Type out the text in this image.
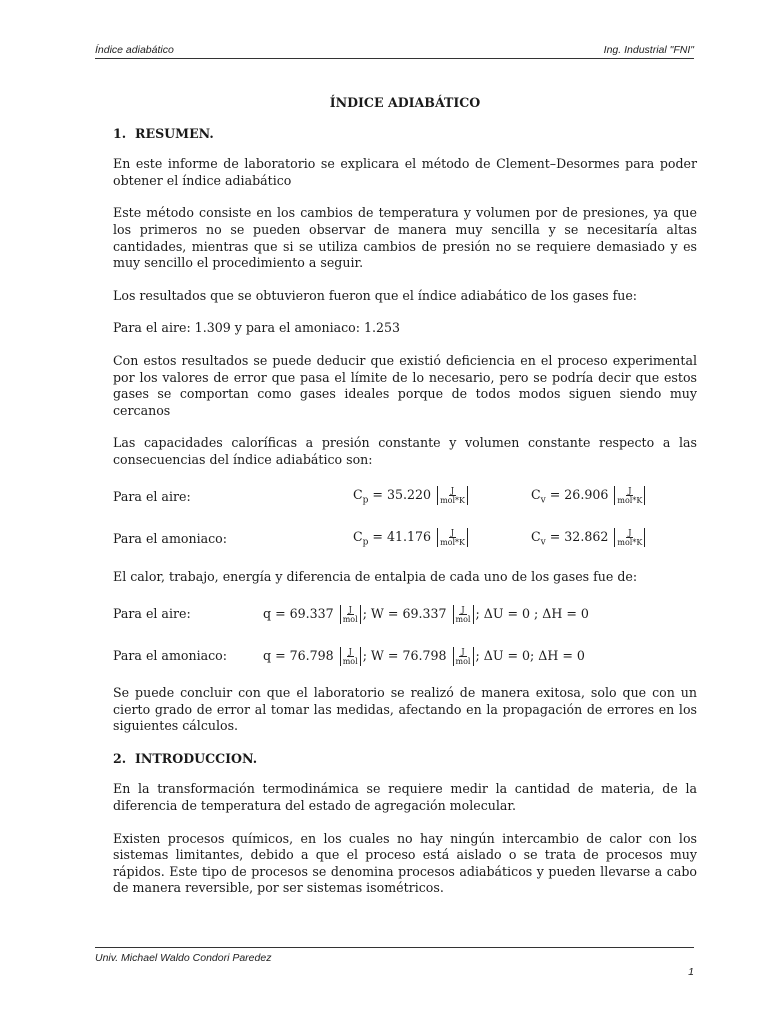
Índice adiabático	Ing. Industrial "FNI"
ÍNDICE ADIABÁTICO
1. RESUMEN.

En este informe de laboratorio se explicara el método de Clement–Desormes para poder obtener el índice adiabático

Este método consiste en los cambios de temperatura y volumen por de presiones, ya que los primeros no se pueden observar de manera muy sencilla y se necesitaría altas cantidades, mientras que si se utiliza cambios de presión no se requiere demasiado y es muy sencillo el procedimiento a seguir.

Los resultados que se obtuvieron fueron que el índice adiabático de los gases fue:

Para el aire: 1.309 y para el amoniaco: 1.253

Con estos resultados se puede deducir que existió deficiencia en el proceso experimental por los valores de error que pasa el límite de lo necesario, pero se podría decir que estos gases se comportan como gases ideales porque de todos modos siguen siendo muy cercanos

Las capacidades caloríficas a presión constante y volumen constante respecto a las consecuencias del índice adiabático son:

Para el aire:	$C_p = 35.220 \frac{J}{\text{mol*K}}$	$C_v = 26.906 \frac{J}{\text{mol*K}}$
Para el amoniaco:	$C_p = 41.176 \frac{J}{\text{mol*K}}$	$C_v = 32.862 \frac{J}{\text{mol*K}}$

El calor, trabajo, energía y diferencia de entalpia de cada uno de los gases fue de:

Para el aire:	$q = 69.337 \frac{J}{\text{mol}}$ ; $W = 69.337 \frac{J}{\text{mol}}$ ; ΔU = 0 ; ΔH = 0
Para el amoniaco:	$q = 76.798 \frac{J}{\text{mol}}$ ; $W = 76.798 \frac{J}{\text{mol}}$ ; ΔU = 0; ΔH = 0

Se puede concluir con que el laboratorio se realizó de manera exitosa, solo que con un cierto grado de error al tomar las medidas, afectando en la propagación de errores en los siguientes cálculos.

2. INTRODUCCION.

En la transformación termodinámica se requiere medir la cantidad de materia, de la diferencia de temperatura del estado de agregación molecular.

Existen procesos químicos, en los cuales no hay ningún intercambio de calor con los sistemas limitantes, debido a que el proceso está aislado o se trata de procesos muy rápidos. Este tipo de procesos se denomina procesos adiabáticos y pueden llevarse a cabo de manera reversible, por ser sistemas isométricos.

Univ. Michael Waldo Condori Paredez
1
